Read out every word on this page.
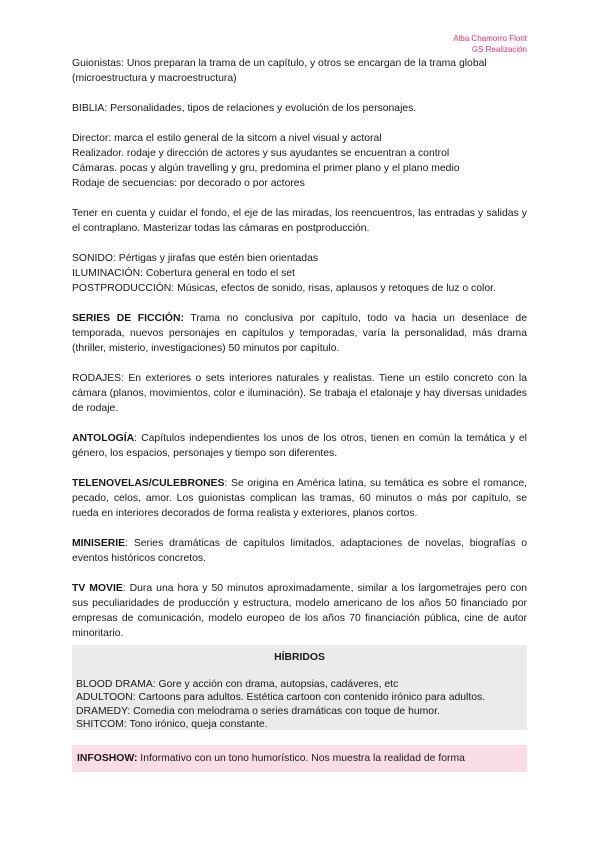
Alba Chamorro Florit
GS Realización

Guionistas: Unos preparan la trama de un capítulo, y otros se encargan de la trama global (microestructura y macroestructura)

BIBLIA: Personalidades, tipos de relaciones y evolución de los personajes.

Director: marca el estilo general de la sitcom a nivel visual y actoral
Realizador. rodaje y dirección de actores y sus ayudantes se encuentran a control
Cámaras. pocas y algún travelling y gru, predomina el primer plano y el plano medio
Rodaje de secuencias: por decorado o por actores

Tener en cuenta y cuidar el fondo, el eje de las miradas, los reencuentros, las entradas y salidas y el contraplano. Masterizar todas las cámaras en postproducción.

SONIDO: Pértigas y jirafas que estén bien orientadas
ILUMINACIÓN: Cobertura general en todo el set
POSTPRODUCCIÓN: Músicas, efectos de sonido, risas, aplausos y retoques de luz o color.

SERIES DE FICCIÓN: Trama no conclusiva por capítulo, todo va hacia un desenlace de temporada, nuevos personajes en capítulos y temporadas, varía la personalidad, más drama (thriller, misterio, investigaciones) 50 minutos por capítulo.

RODAJES: En exteriores o sets interiores naturales y realistas. Tiene un estilo concreto con la cámara (planos, movimientos, color e iluminación). Se trabaja el etalonaje y hay diversas unidades de rodaje.

ANTOLOGÍA: Capítulos independientes los unos de los otros, tienen en común la temática y el género, los espacios, personajes y tiempo son diferentes.

TELENOVELAS/CULEBRONES: Se origina en América latina, su temática es sobre el romance, pecado, celos, amor. Los guionistas complican las tramas, 60 minutos o más por capítulo, se rueda en interiores decorados de forma realista y exteriores, planos cortos.

MINISERIE: Series dramáticas de capítulos limitados, adaptaciones de novelas, biografías o eventos históricos concretos.

TV MOVIE: Dura una hora y 50 minutos aproximadamente, similar a los largometrajes pero con sus peculiaridades de producción y estructura, modelo americano de los años 50 financiado por empresas de comunicación, modelo europeo de los años 70 financiación pública, cine de autor minoritario.

HÍBRIDOS
BLOOD DRAMA: Gore y acción con drama, autopsias, cadáveres, etc
ADULTOON: Cartoons para adultos. Estética cartoon con contenido irónico para adultos.
DRAMEDY: Comedia con melodrama o series dramáticas con toque de humor.
SHITCOM: Tono irónico, queja constante.
INFOSHOW: Informativo con un tono humorístico. Nos muestra la realidad de forma
